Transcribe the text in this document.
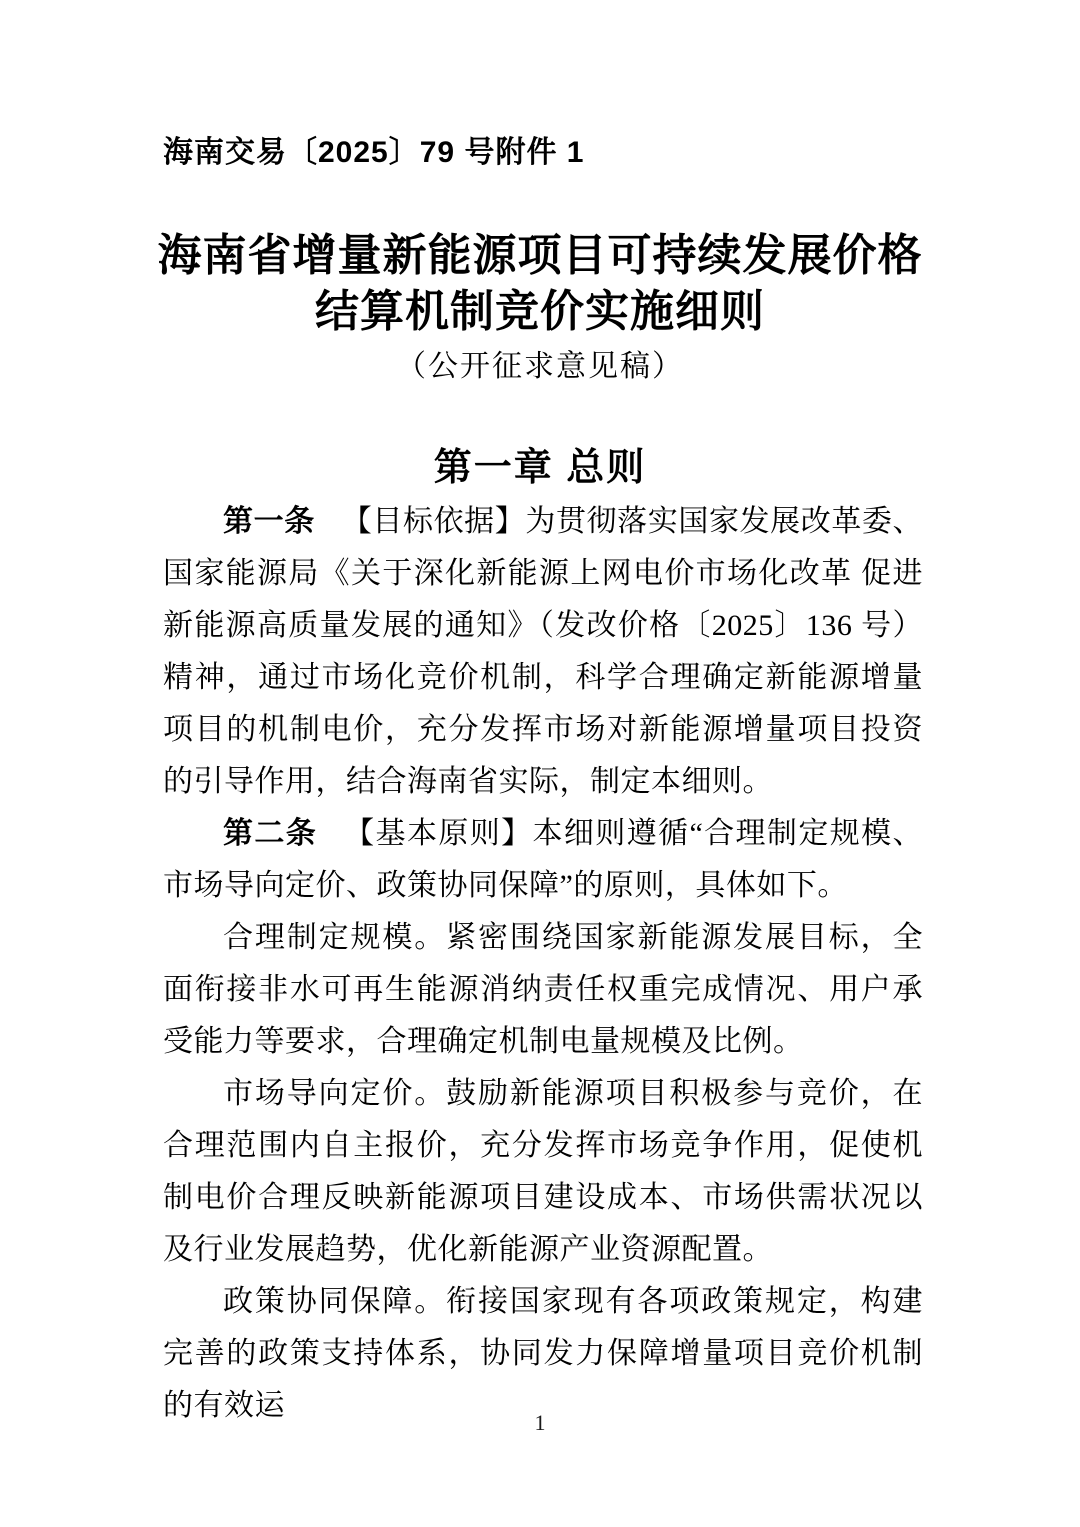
海南交易〔2025〕79 号附件 1
海南省增量新能源项目可持续发展价格
结算机制竞价实施细则
（公开征求意见稿）
第一章 总则

第一条 【目标依据】为贯彻落实国家发展改革委、国家能源局《关于深化新能源上网电价市场化改革 促进新能源高质量发展的通知》（发改价格〔2025〕136 号）精神，通过市场化竞价机制，科学合理确定新能源增量项目的机制电价，充分发挥市场对新能源增量项目投资的引导作用，结合海南省实际，制定本细则。

第二条 【基本原则】本细则遵循“合理制定规模、市场导向定价、政策协同保障”的原则，具体如下。

合理制定规模。紧密围绕国家新能源发展目标，全面衔接非水可再生能源消纳责任权重完成情况、用户承受能力等要求，合理确定机制电量规模及比例。

市场导向定价。鼓励新能源项目积极参与竞价，在合理范围内自主报价，充分发挥市场竞争作用，促使机制电价合理反映新能源项目建设成本、市场供需状况以及行业发展趋势，优化新能源产业资源配置。

政策协同保障。衔接国家现有各项政策规定，构建完善的政策支持体系，协同发力保障增量项目竞价机制的有效运

1
